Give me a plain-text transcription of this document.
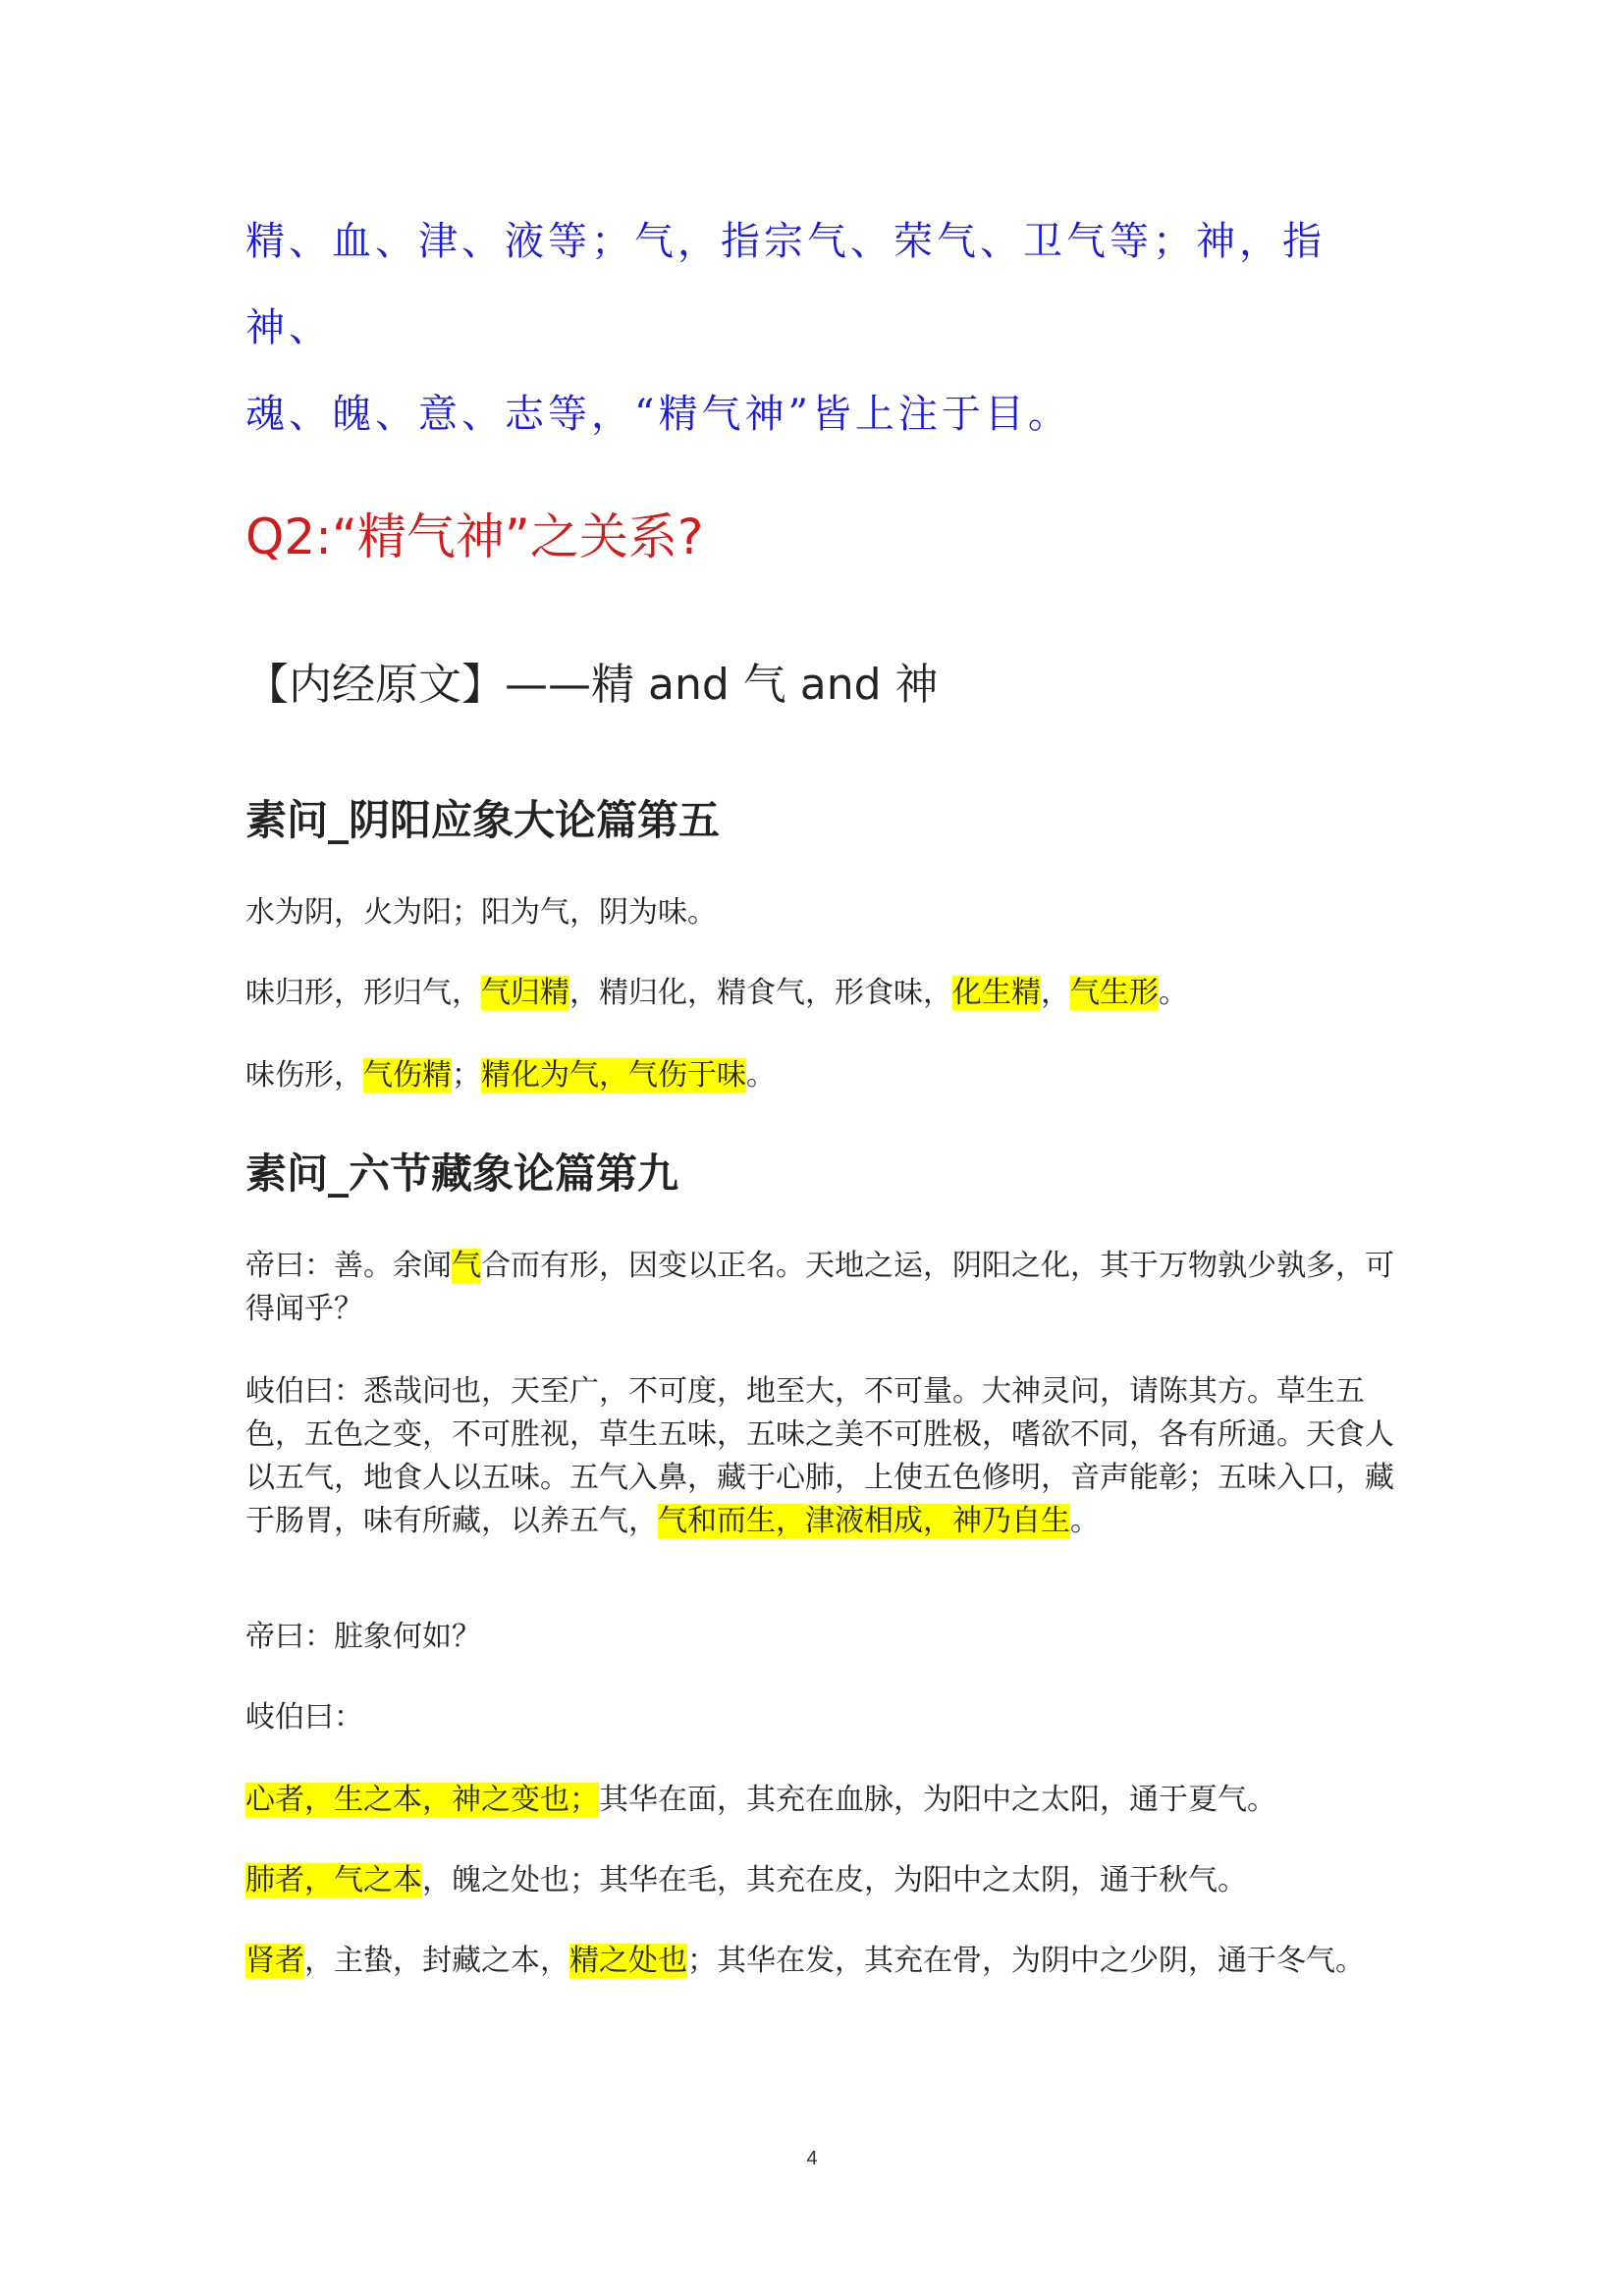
精、血、津、液等；气，指宗气、荣气、卫气等；神，指神、
魂、魄、意、志等，“精气神”皆上注于目。
Q2:“精气神”之关系?
【内经原文】——精 and 气 and 神
素问_阴阳应象大论篇第五
水为阴，火为阳；阳为气，阴为味。
味归形，形归气，气归精，精归化，精食气，形食味，化生精，气生形。
味伤形，气伤精；精化为气，气伤于味。
素问_六节藏象论篇第九
帝曰：善。余闻气合而有形，因变以正名。天地之运，阴阳之化，其于万物孰少孰多，可得闻乎？
岐伯曰：悉哉问也，天至广，不可度，地至大，不可量。大神灵问，请陈其方。草生五色，五色之变，不可胜视，草生五味，五味之美不可胜极，嗜欲不同，各有所通。天食人以五气，地食人以五味。五气入鼻，藏于心肺，上使五色修明，音声能彰；五味入口，藏于肠胃，味有所藏，以养五气，气和而生，津液相成，神乃自生。
帝曰：脏象何如？
岐伯曰：
心者，生之本，神之变也；其华在面，其充在血脉，为阳中之太阳，通于夏气。
肺者，气之本，魄之处也；其华在毛，其充在皮，为阳中之太阴，通于秋气。
肾者，主蛰，封藏之本，精之处也；其华在发，其充在骨，为阴中之少阴，通于冬气。
4
